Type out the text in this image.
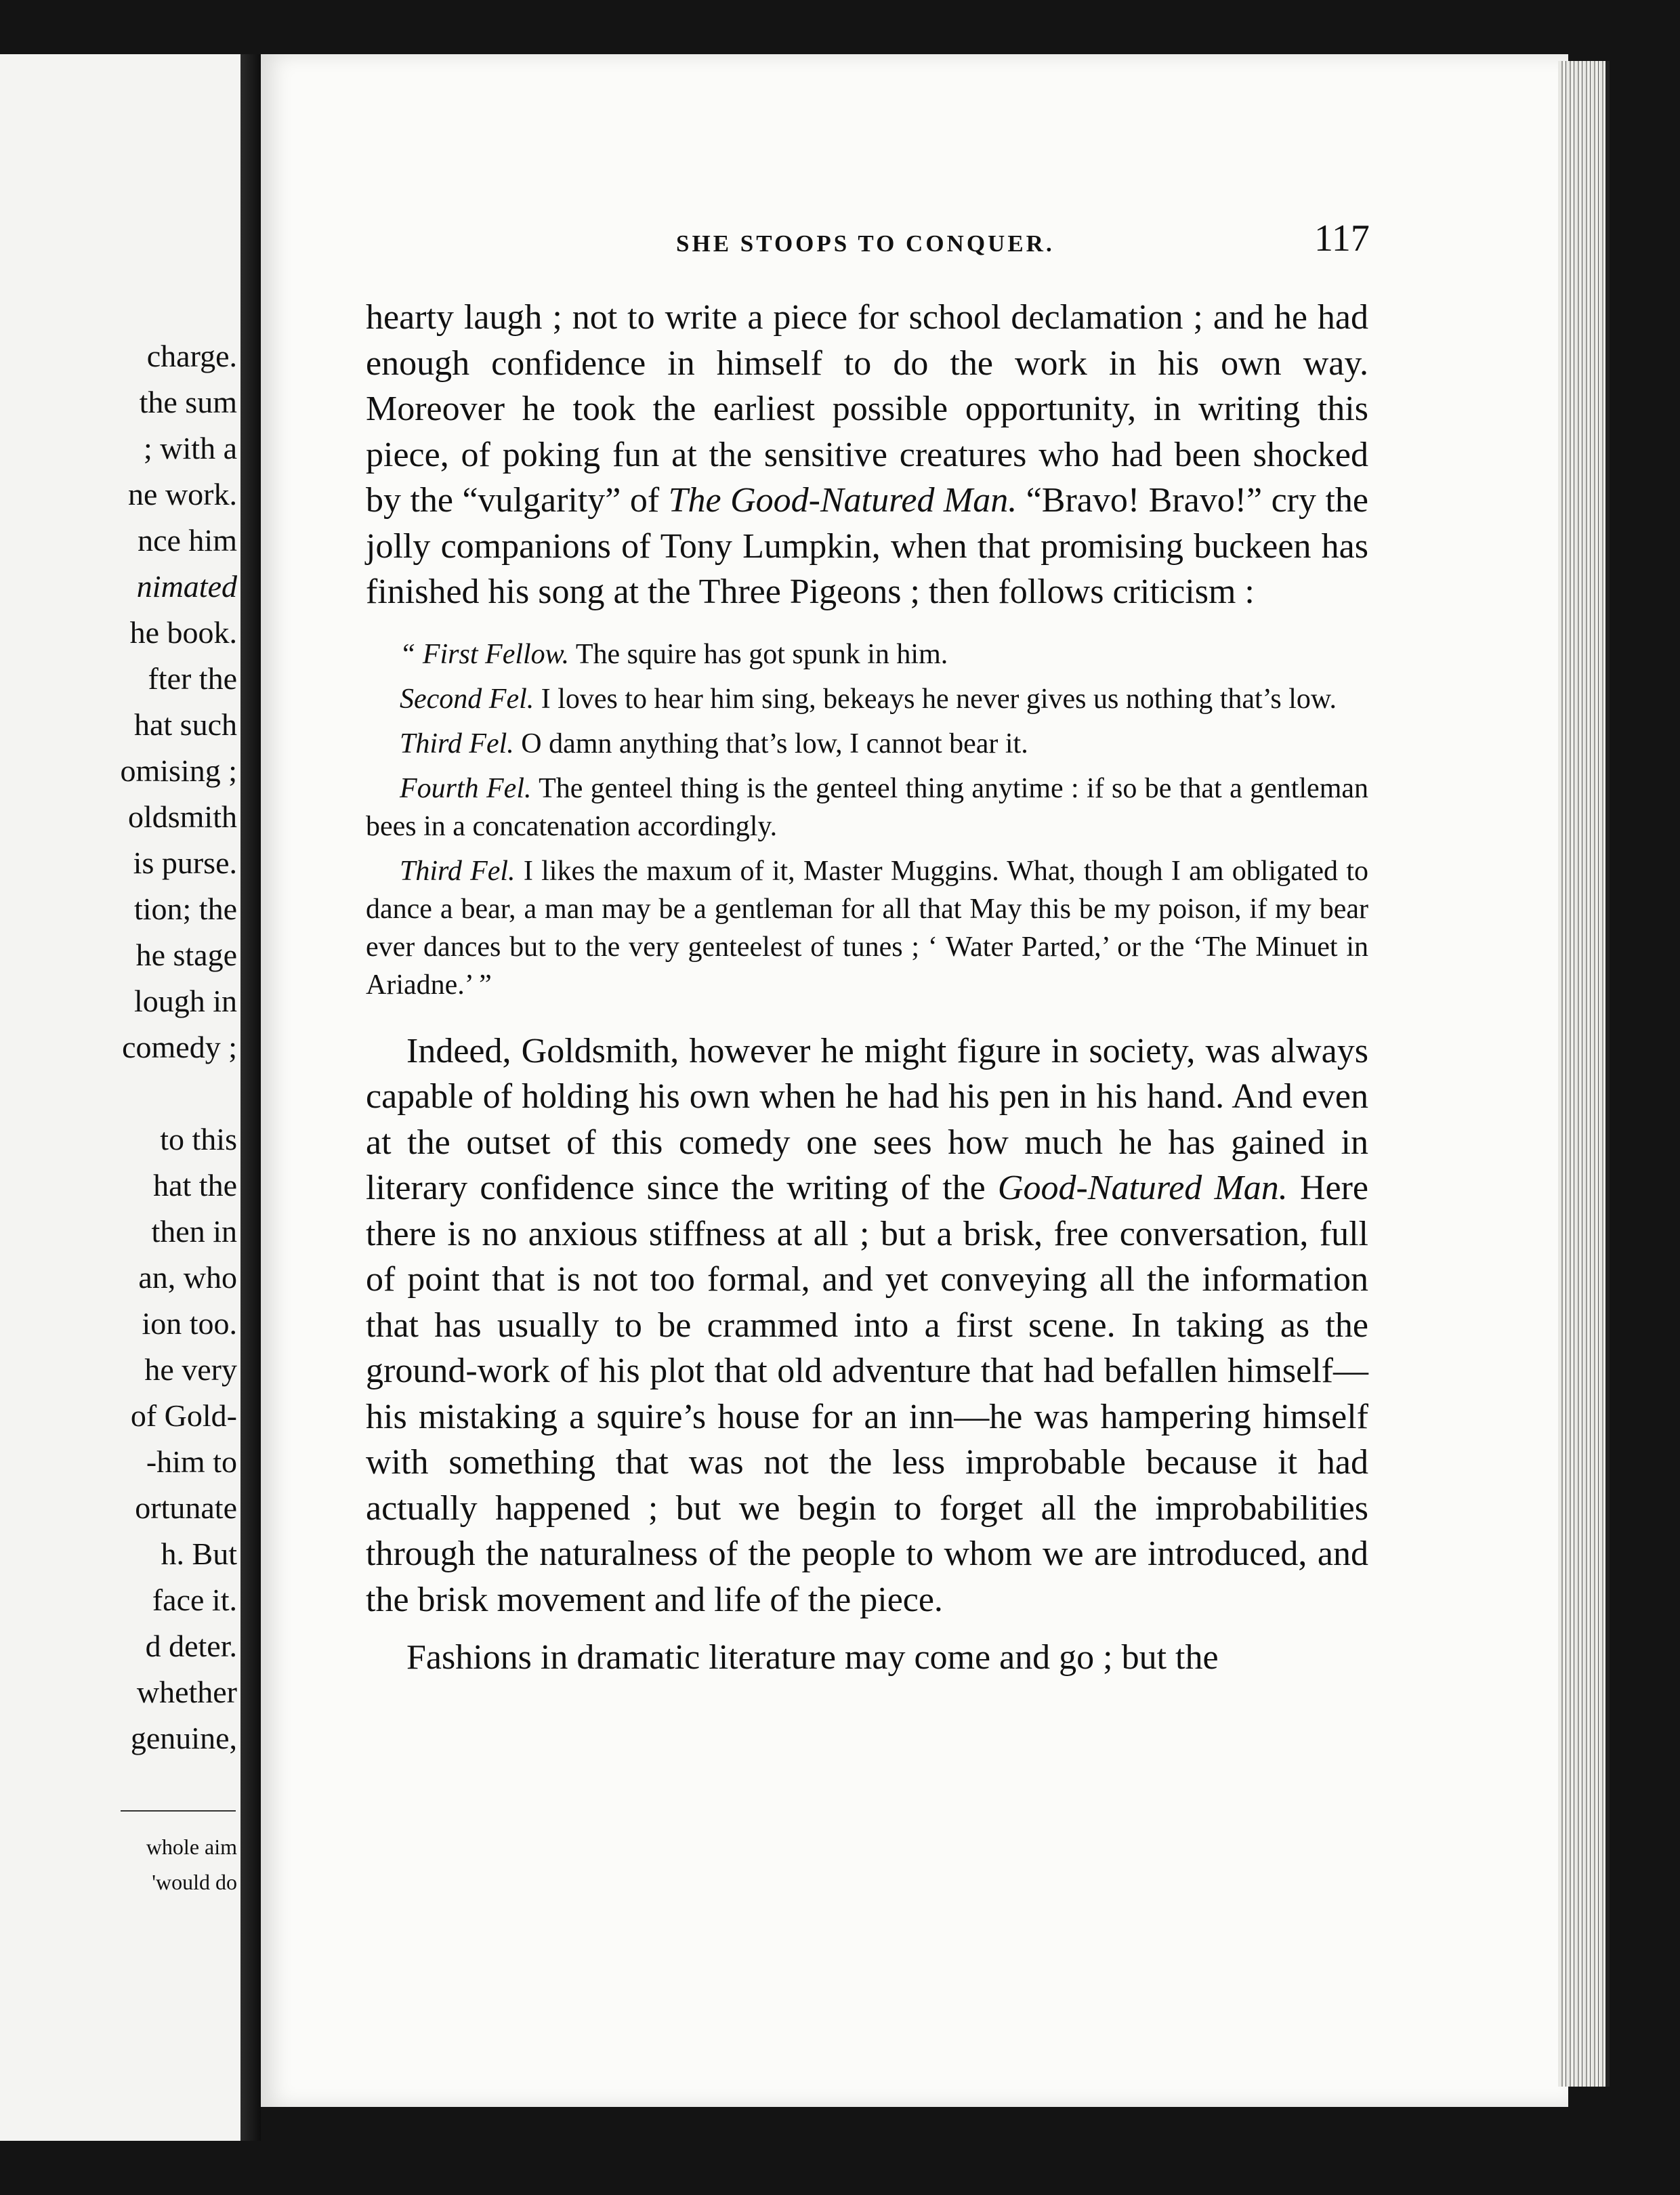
charge.
the sum
; with a
ne work.
nce him
nimated
he book.
fter the
hat such
omising ;
oldsmith
is purse.
tion; the
he stage
lough in
comedy ;

to this
hat the
then in
an, who
ion too.
he very
of Gold-
-him to
ortunate
h. But
face it.
d deter.
whether
genuine,
whole aim
'would do
SHE STOOPS TO CONQUER.	117

hearty laugh ; not to write a piece for school declamation ; and he had enough confidence in himself to do the work in his own way. Moreover he took the earliest possible opportunity, in writing this piece, of poking fun at the sensitive creatures who had been shocked by the “vulgarity” of The Good-Natured Man. “Bravo! Bravo!” cry the jolly companions of Tony Lumpkin, when that promising buckeen has finished his song at the Three Pigeons ; then follows criticism :

“ First Fellow. The squire has got spunk in him.
Second Fel. I loves to hear him sing, bekeays he never gives us nothing that’s low.
Third Fel. O damn anything that’s low, I cannot bear it.
Fourth Fel. The genteel thing is the genteel thing anytime : if so be that a gentleman bees in a concatenation accordingly.
Third Fel. I likes the maxum of it, Master Muggins. What, though I am obligated to dance a bear, a man may be a gentleman for all that May this be my poison, if my bear ever dances but to the very genteelest of tunes ; ‘ Water Parted,’ or the ‘The Minuet in Ariadne.’ ”

Indeed, Goldsmith, however he might figure in society, was always capable of holding his own when he had his pen in his hand. And even at the outset of this comedy one sees how much he has gained in literary confidence since the writing of the Good-Natured Man. Here there is no anxious stiffness at all ; but a brisk, free conversation, full of point that is not too formal, and yet conveying all the information that has usually to be crammed into a first scene. In taking as the ground-work of his plot that old adventure that had befallen himself—his mistaking a squire’s house for an inn—he was hampering himself with something that was not the less improbable because it had actually happened ; but we begin to forget all the improbabilities through the naturalness of the people to whom we are introduced, and the brisk movement and life of the piece.

Fashions in dramatic literature may come and go ; but the
